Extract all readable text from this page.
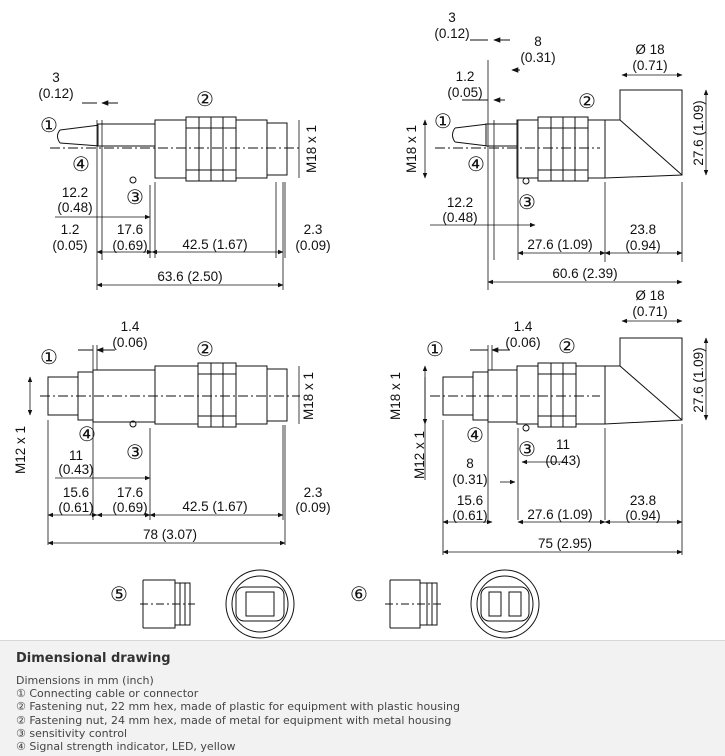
3
(0.12)
12.2
(0.48)
1.2
(0.05)
17.6
(0.69)	42.5 (1.67)
2.3
(0.09)
63.6 (2.50)
M18 x 1
3
(0.12)
8
(0.31)
Ø 18
(0.71)
1.2
(0.05)
12.2
(0.48)
27.6 (1.09)
23.8
(0.94)
60.6 (2.39)
M18 x 1	27.6 (1.09)
1.4
(0.06)
11
(0.43)
15.6
(0.61)
17.6
(0.69)	42.5 (1.67)
2.3
(0.09)
78 (3.07)
M18 x 1
M12 x 1
Ø 18
(0.71)
1.4
(0.06)
11
(0.43)
8
(0.31)
15.6
(0.61)	27.6 (1.09)
23.8
(0.94)
75 (2.95)
M18 x 1
M12 x 1
27.6 (1.09)
①
②
③
④
①
②
③
④
①	②
③
④
①	②
③
④
⑤	⑥
Dimensional drawing
Dimensions in mm (inch)
① Connecting cable or connector
② Fastening nut, 22 mm hex, made of plastic for equipment with plastic housing
② Fastening nut, 24 mm hex, made of metal for equipment with metal housing
③ sensitivity control
④ Signal strength indicator, LED, yellow
